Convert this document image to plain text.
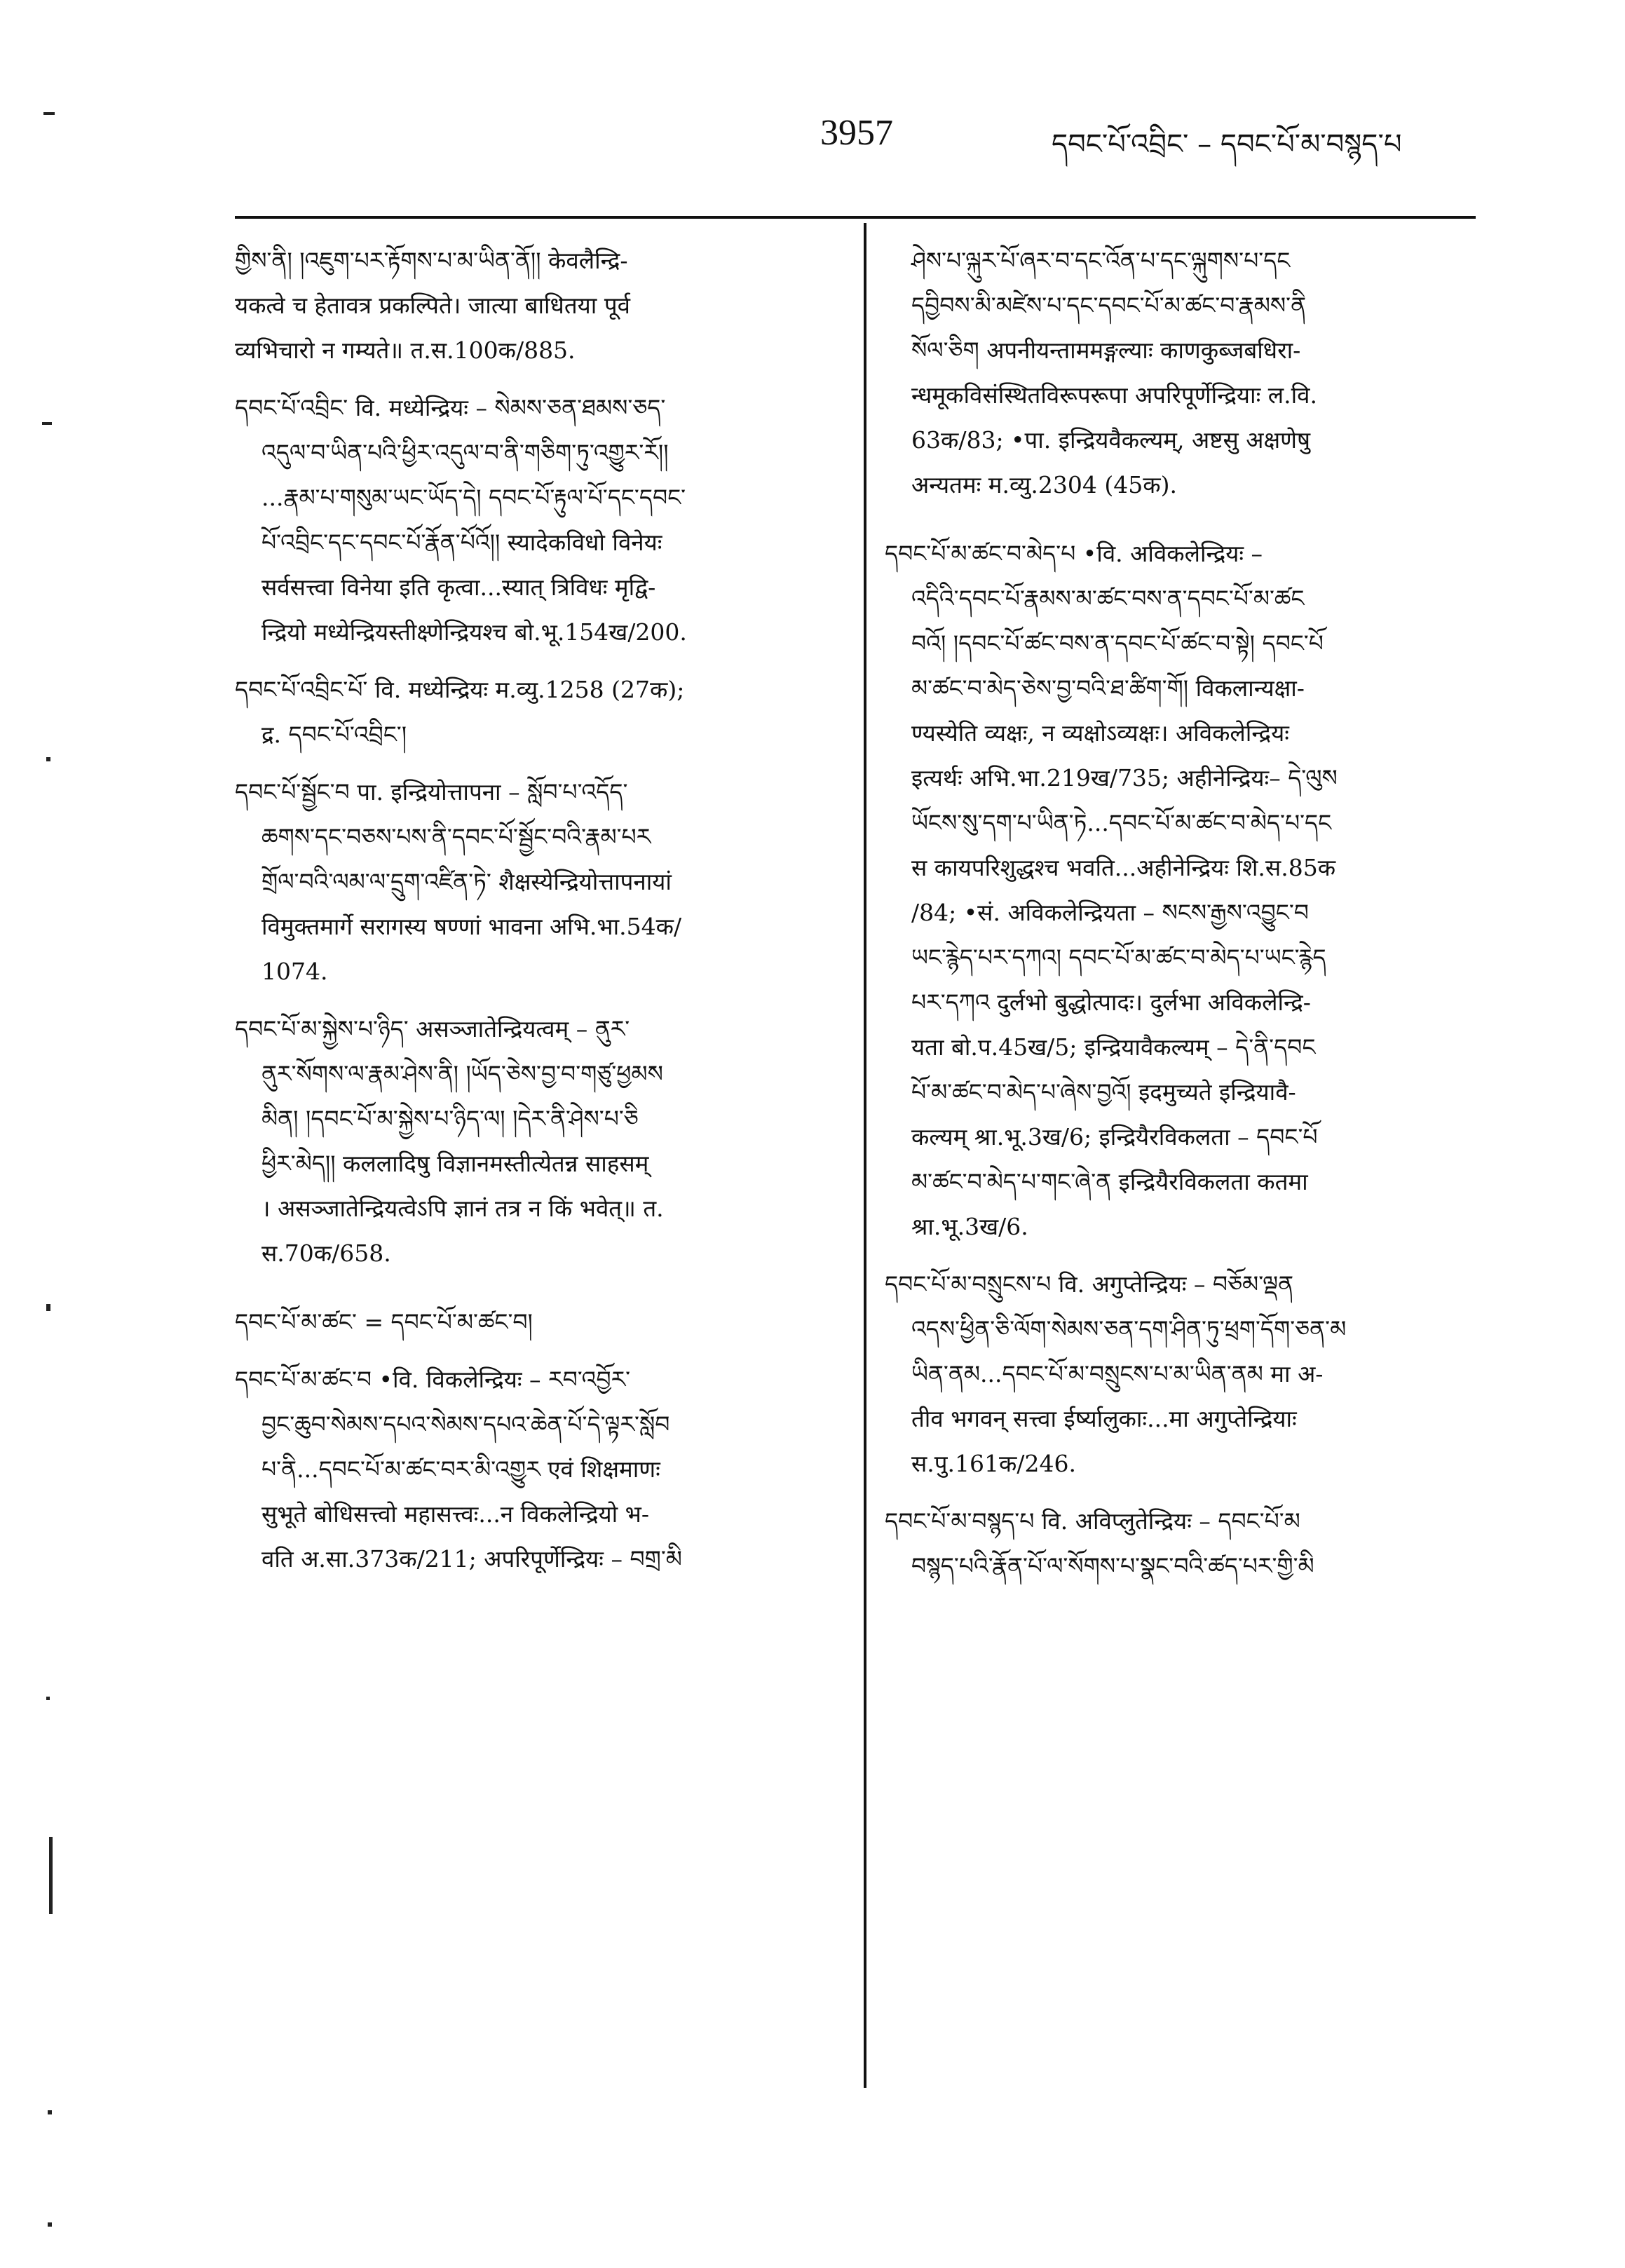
3957	དབང་པོ་འབྲིང་ – དབང་པོ་མ་བསྙད་པ
གྱིས་ནི། །འཇུག་པར་རྟོགས་པ་མ་ཡིན་ནོ།། केवलैन्द्रि-
यकत्वे च हेतावत्र प्रकल्पिते। जात्या बाधितया पूर्व
व्यभिचारो न गम्यते॥ त.स.100क/885.
དབང་པོ་འབྲིང་ वि. मध्येन्द्रियः – སེམས་ཅན་ཐམས་ཅད་
འདུལ་བ་ཡིན་པའི་ཕྱིར་འདུལ་བ་ནི་གཅིག་ཏུ་འགྱུར་རོ།།
...རྣམ་པ་གསུམ་ཡང་ཡོད་དེ། དབང་པོ་རྟུལ་པོ་དང་དབང་
པོ་འབྲིང་དང་དབང་པོ་རྣོན་པོའོ།། स्यादेकविधो विनेयः
सर्वसत्त्वा विनेया इति कृत्वा...स्यात् त्रिविधः मृद्वि-
न्द्रियो मध्येन्द्रियस्तीक्ष्णेन्द्रियश्च बो.भू.154ख/200.
དབང་པོ་འབྲིང་པོ་ वि. मध्येन्द्रियः म.व्यु.1258 (27क);
द्र. དབང་པོ་འབྲིང་།
དབང་པོ་སྦྱོང་བ पा. इन्द्रियोत्तापना – སློབ་པ་འདོད་
ཆགས་དང་བཅས་པས་ནི་དབང་པོ་སྦྱོང་བའི་རྣམ་པར
གྲོལ་བའི་ལམ་ལ་དྲུག་འཛིན་ཏེ་ शैक्षस्येन्द्रियोत्तापनायां
विमुक्तमार्गे सरागस्य षण्णां भावना अभि.भा.54क/
1074.
དབང་པོ་མ་སྐྱེས་པ་ཉིད་ असञ्जातेन्द्रियत्वम् – ནུར་
ནུར་སོགས་ལ་རྣམ་ཤེས་ནི། །ཡོད་ཅེས་བྱ་བ་གཙུ་ཕྱམས
མིན། །དབང་པོ་མ་སྐྱེས་པ་ཉིད་ལ། །དེར་ནི་ཤེས་པ་ཅི
ཕྱིར་མེད།། कललादिषु विज्ञानमस्तीत्येतन्न साहसम्
। असञ्जातेन्द्रियत्वेऽपि ज्ञानं तत्र न किं भवेत्॥ त.
स.70क/658.
དབང་པོ་མ་ཚང་ = དབང་པོ་མ་ཚང་བ།
དབང་པོ་མ་ཚང་བ •वि. विकलेन्द्रियः – རབ་འབྱོར་
བྱང་ཆུབ་སེམས་དཔའ་སེམས་དཔའ་ཆེན་པོ་དེ་ལྟར་སློབ
པ་ནི...དབང་པོ་མ་ཚང་བར་མི་འགྱུར एवं शिक्षमाणः
सुभूते बोधिसत्त्वो महासत्त्वः...न विकलेन्द्रियो भ-
वति अ.सा.373क/211; अपरिपूर्णेन्द्रियः – བགྲ་མི
ཤེས་པ་ལྐུར་པོ་ཞར་བ་དང་འོན་པ་དང་ལྐུགས་པ་དང
དབྱིབས་མི་མཛེས་པ་དང་དབང་པོ་མ་ཚང་བ་རྣམས་ནི
སོལ་ཅིག अपनीयन्तामम‌ङ्गल्याः काणकुब्जबधिरा-
न्धमूकविसंस्थितविरूपरूपा अपरिपूर्णेन्द्रियाः ल.वि.
63क/83; •पा. इन्द्रियवैकल्यम्, अष्टसु अक्षणेषु
अन्यतमः म.व्यु.2304 (45क).
དབང་པོ་མ་ཚང་བ་མེད་པ •वि. अविकलेन्द्रियः –
འདིའི་དབང་པོ་རྣམས་མ་ཚང་བས་ན་དབང་པོ་མ་ཚང
བའོ། །དབང་པོ་ཚང་བས་ན་དབང་པོ་ཚང་བ་སྟེ། དབང་པོ
མ་ཚང་བ་མེད་ཅེས་བྱ་བའི་ཐ་ཚིག་གོ། विकलान्यक्षा-
ण्यस्येति व्यक्षः, न व्यक्षोऽव्यक्षः। अविकलेन्द्रियः
इत्यर्थः अभि.भा.219ख/735; अहीनेन्द्रियः– དེ་ལུས
ཡོངས་སུ་དག་པ་ཡིན་ཏེ...དབང་པོ་མ་ཚང་བ་མེད་པ་དང
स कायपरिशुद्धश्च भवति...अहीनेन्द्रियः शि.स.85क
/84; •सं. अविकलेन्द्रियता – སངས་རྒྱས་འབྱུང་བ
ཡང་རྙེད་པར་དཀའ། དབང་པོ་མ་ཚང་བ་མེད་པ་ཡང་རྙེད
པར་དཀའ दुर्लभो बुद्धोत्पादः। दुर्लभा अविकलेन्द्रि-
यता बो.प.45ख/5; इन्द्रियावैकल्यम् – དེ་ནི་དབང
པོ་མ་ཚང་བ་མེད་པ་ཞེས་བྱའོ། इदमुच्यते इन्द्रियावै-
कल्यम् श्रा.भू.3ख/6; इन्द्रियैरविकलता – དབང་པོ
མ་ཚང་བ་མེད་པ་གང་ཞེ་ན इन्द्रियैरविकलता कतमा
श्रा.भू.3ख/6.
དབང་པོ་མ་བསྲུངས་པ वि. अगुप्तेन्द्रियः – བཅོམ་ལྡན
འདས་ཕྱིན་ཅི་ལོག་སེམས་ཅན་དག་ཤིན་ཏུ་ཕྲག་དོག་ཅན་མ
ཡིན་ནམ...དབང་པོ་མ་བསྲུངས་པ་མ་ཡིན་ནམ मा अ-
तीव भगवन् सत्त्वा ईर्ष्यालुकाः...मा अगुप्तेन्द्रियाः
स.पु.161क/246.
དབང་པོ་མ་བསྙད་པ वि. अविप्लुतेन्द्रियः – དབང་པོ་མ
བསྙད་པའི་རྣོན་པོ་ལ་སོགས་པ་སྣང་བའི་ཚད་པར་གྱི་མི
